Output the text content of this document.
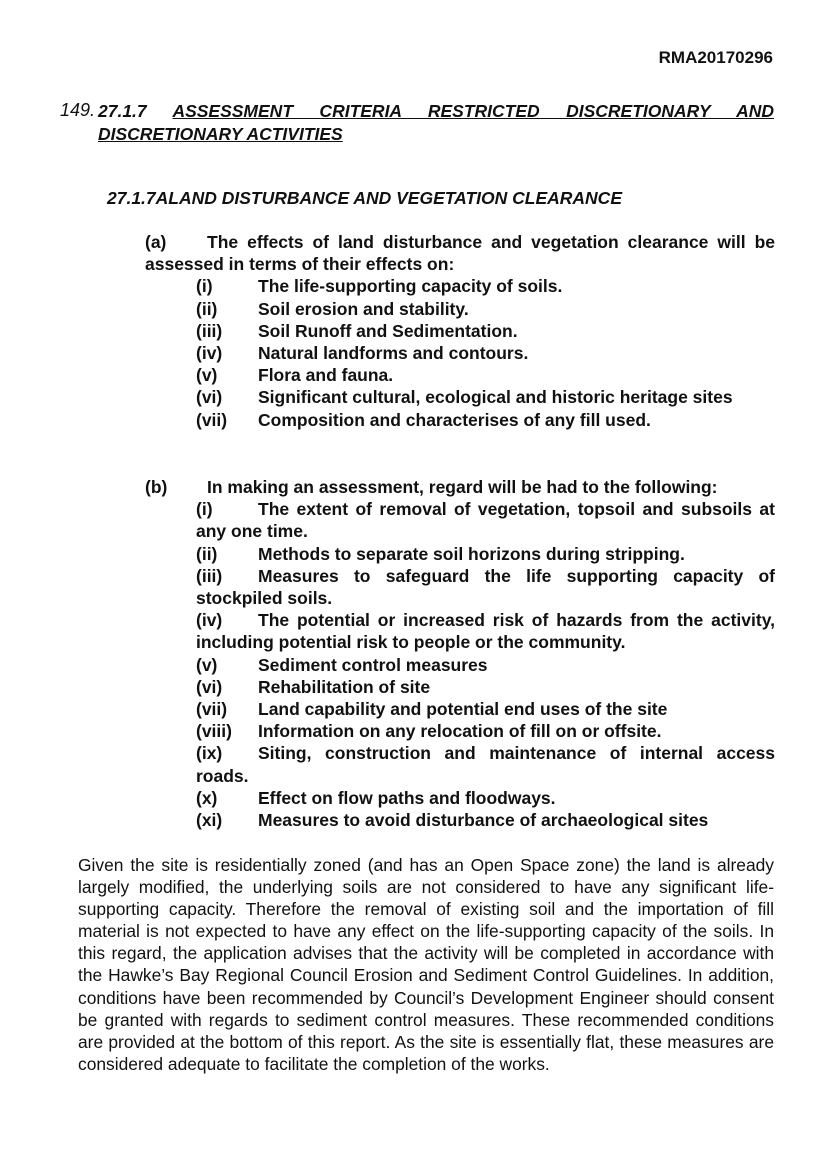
RMA20170296
149. 27.1.7 ASSESSMENT CRITERIA RESTRICTED DISCRETIONARY AND DISCRETIONARY ACTIVITIES
27.1.7ALAND DISTURBANCE AND VEGETATION CLEARANCE
(a) The effects of land disturbance and vegetation clearance will be assessed in terms of their effects on:
(i)	The life-supporting capacity of soils.
(ii) Soil erosion and stability.
(iii) Soil Runoff and Sedimentation.
(iv) Natural landforms and contours.
(v) Flora and fauna.
(vi) Significant cultural, ecological and historic heritage sites
(vii) Composition and characterises of any fill used.
(b) In making an assessment, regard will be had to the following:
(i)	The extent of removal of vegetation, topsoil and subsoils at any one time.
(ii) Methods to separate soil horizons during stripping.
(iii) Measures to safeguard the life supporting capacity of stockpiled soils.
(iv) The potential or increased risk of hazards from the activity, including potential risk to people or the community.
(v) Sediment control measures
(vi) Rehabilitation of site
(vii) Land capability and potential end uses of the site
(viii) Information on any relocation of fill on or offsite.
(ix) Siting, construction and maintenance of internal access roads.
(x) Effect on flow paths and floodways.
(xi) Measures to avoid disturbance of archaeological sites
Given the site is residentially zoned (and has an Open Space zone) the land is already largely modified, the underlying soils are not considered to have any significant life-supporting capacity. Therefore the removal of existing soil and the importation of fill material is not expected to have any effect on the life-supporting capacity of the soils. In this regard, the application advises that the activity will be completed in accordance with the Hawke’s Bay Regional Council Erosion and Sediment Control Guidelines. In addition, conditions have been recommended by Council’s Development Engineer should consent be granted with regards to sediment control measures. These recommended conditions are provided at the bottom of this report. As the site is essentially flat, these measures are considered adequate to facilitate the completion of the works.
